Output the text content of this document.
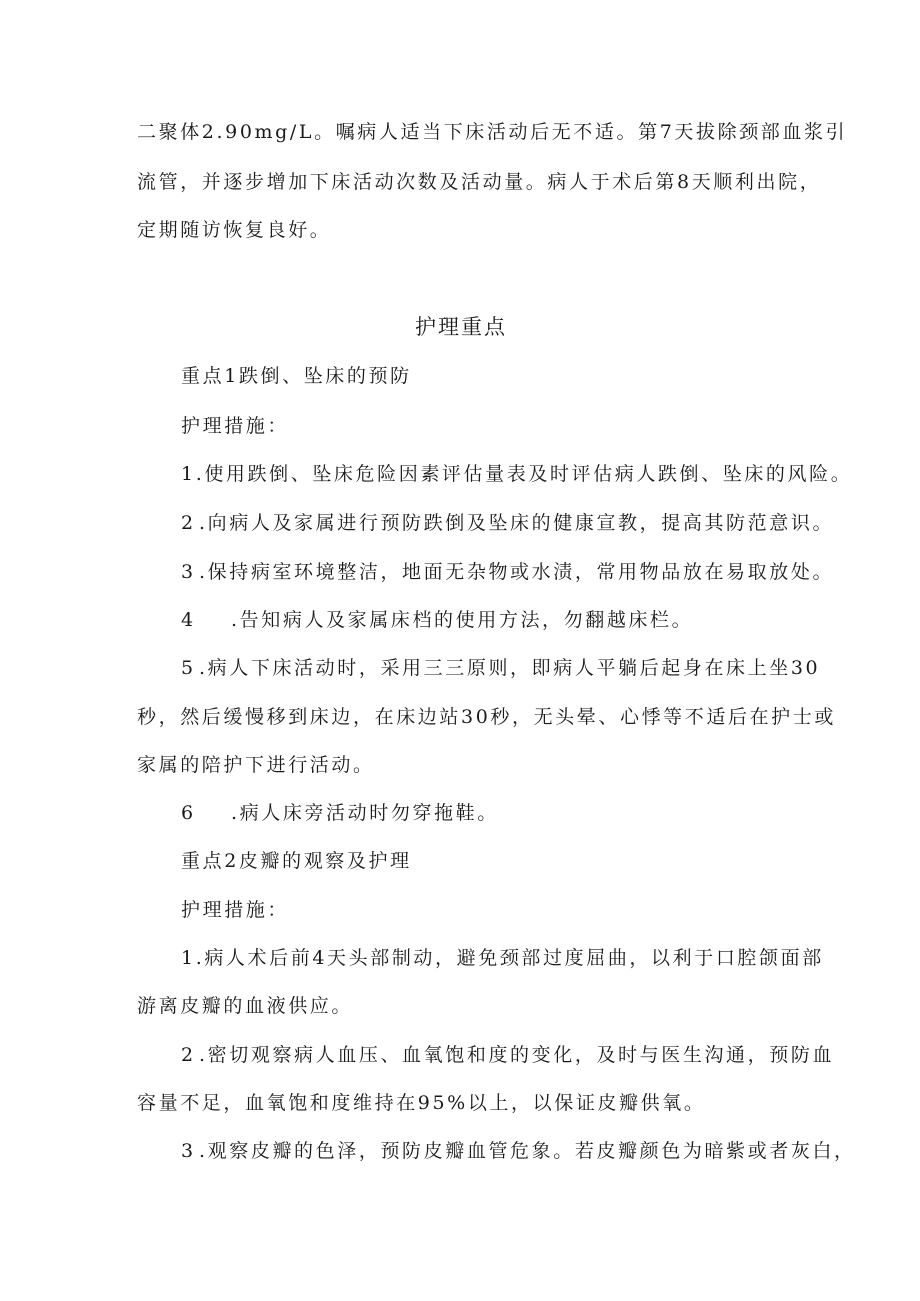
二聚体2.90mg/L。嘱病人适当下床活动后无不适。第7天拔除颈部血浆引

流管，并逐步增加下床活动次数及活动量。病人于术后第8天顺利出院，

定期随访恢复良好。

护理重点

重点1跌倒、坠床的预防

护理措施：

1.使用跌倒、坠床危险因素评估量表及时评估病人跌倒、坠床的风险。

2 .向病人及家属进行预防跌倒及坠床的健康宣教，提高其防范意识。

3 .保持病室环境整洁，地面无杂物或水渍，常用物品放在易取放处。

4 .告知病人及家属床档的使用方法，勿翻越床栏。

5 .病人下床活动时，采用三三原则，即病人平躺后起身在床上坐30

秒，然后缓慢移到床边，在床边站30秒，无头晕、心悸等不适后在护士或

家属的陪护下进行活动。

6 .病人床旁活动时勿穿拖鞋。

重点2皮瓣的观察及护理

护理措施：

1.病人术后前4天头部制动，避免颈部过度屈曲，以利于口腔颌面部

游离皮瓣的血液供应。

2 .密切观察病人血压、血氧饱和度的变化，及时与医生沟通，预防血

容量不足，血氧饱和度维持在95%以上，以保证皮瓣供氧。

3 .观察皮瓣的色泽，预防皮瓣血管危象。若皮瓣颜色为暗紫或者灰白，
